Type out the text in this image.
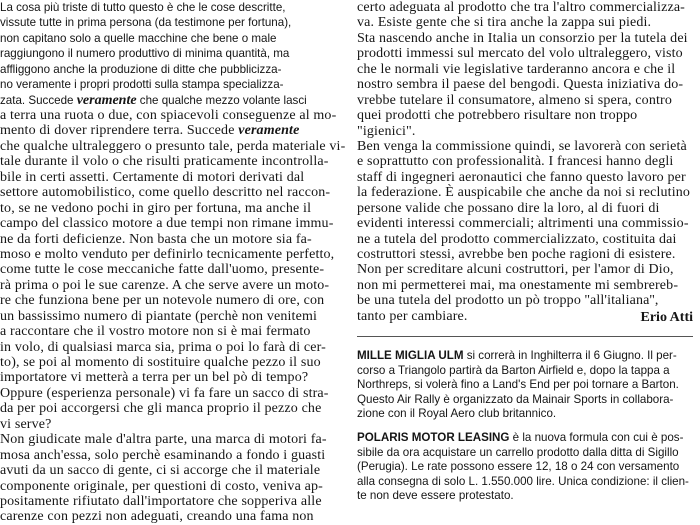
La cosa più triste di tutto questo è che le cose descritte,
vissute tutte in prima persona (da testimone per fortuna),
non capitano solo a quelle macchine che bene o male
raggiungono il numero produttivo di minima quantità, ma
affliggono anche la produzione di ditte che pubblicizza-
no veramente i propri prodotti sulla stampa specializza-
zata. Succede veramente che qualche mezzo volante lasci
a terra una ruota o due, con spiacevoli conseguenze al mo-
mento di dover riprendere terra. Succede veramente
che qualche ultraleggero o presunto tale, perda materiale vi-
tale durante il volo o che risulti praticamente incontrolla-
bile in certi assetti. Certamente di motori derivati dal
settore automobilistico, come quello descritto nel raccon-
to, se ne vedono pochi in giro per fortuna, ma anche il
campo del classico motore a due tempi non rimane immu-
ne da forti deficienze. Non basta che un motore sia fa-
moso e molto venduto per definirlo tecnicamente perfetto,
come tutte le cose meccaniche fatte dall'uomo, presente-
rà prima o poi le sue carenze. A che serve avere un moto-
re che funziona bene per un notevole numero di ore, con
un bassissimo numero di piantate (perchè non venitemi
a raccontare che il vostro motore non si è mai fermato
in volo, di qualsiasi marca sia, prima o poi lo farà di cer-
to), se poi al momento di sostituire qualche pezzo il suo
importatore vi metterà a terra per un bel pò di tempo?
Oppure (esperienza personale) vi fa fare un sacco di stra-
da per poi accorgersi che gli manca proprio il pezzo che
vi serve?
Non giudicate male d'altra parte, una marca di motori fa-
mosa anch'essa, solo perchè esaminando a fondo i guasti
avuti da un sacco di gente, ci si accorge che il materiale
componente originale, per questioni di costo, veniva ap-
positamente rifiutato dall'importatore che sopperiva alle
carenze con pezzi non adeguati, creando una fama non
certo adeguata al prodotto che tra l'altro commercializza-
va. Esiste gente che si tira anche la zappa sui piedi.
Sta nascendo anche in Italia un consorzio per la tutela dei
prodotti immessi sul mercato del volo ultraleggero, visto
che le normali vie legislative tarderanno ancora e che il
nostro sembra il paese del bengodi. Questa iniziativa do-
vrebbe tutelare il consumatore, almeno si spera, contro
quei prodotti che potrebbero risultare non troppo
"igienici".
Ben venga la commissione quindi, se lavorerà con serietà
e soprattutto con professionalità. I francesi hanno degli
staff di ingegneri aeronautici che fanno questo lavoro per
la federazione. È auspicabile che anche da noi si reclutino
persone valide che possano dire la loro, al di fuori di
evidenti interessi commerciali; altrimenti una commissio-
ne a tutela del prodotto commercializzato, costituita dai
costruttori stessi, avrebbe ben poche ragioni di esistere.
Non per screditare alcuni costruttori, per l'amor di Dio,
non mi permetterei mai, ma onestamente mi sembrereb-
be una tutela del prodotto un pò troppo ''all'italiana'',
tanto per cambiare.	Erio Atti
MILLE MIGLIA ULM si correrà in Inghilterra il 6 Giugno. Il per-
corso a Triangolo partirà da Barton Airfield e, dopo la tappa a
Northreps, si volerà fino a Land's End per poi tornare a Barton.
Questo Air Rally è organizzato da Mainair Sports in collabora-
zione con il Royal Aero club britannico.
POLARIS MOTOR LEASING è la nuova formula con cui è pos-
sibile da ora acquistare un carrello prodotto dalla ditta di Sigillo
(Perugia). Le rate possono essere 12, 18 o 24 con versamento
alla consegna di solo L. 1.550.000 lire. Unica condizione: il clien-
te non deve essere protestato.
